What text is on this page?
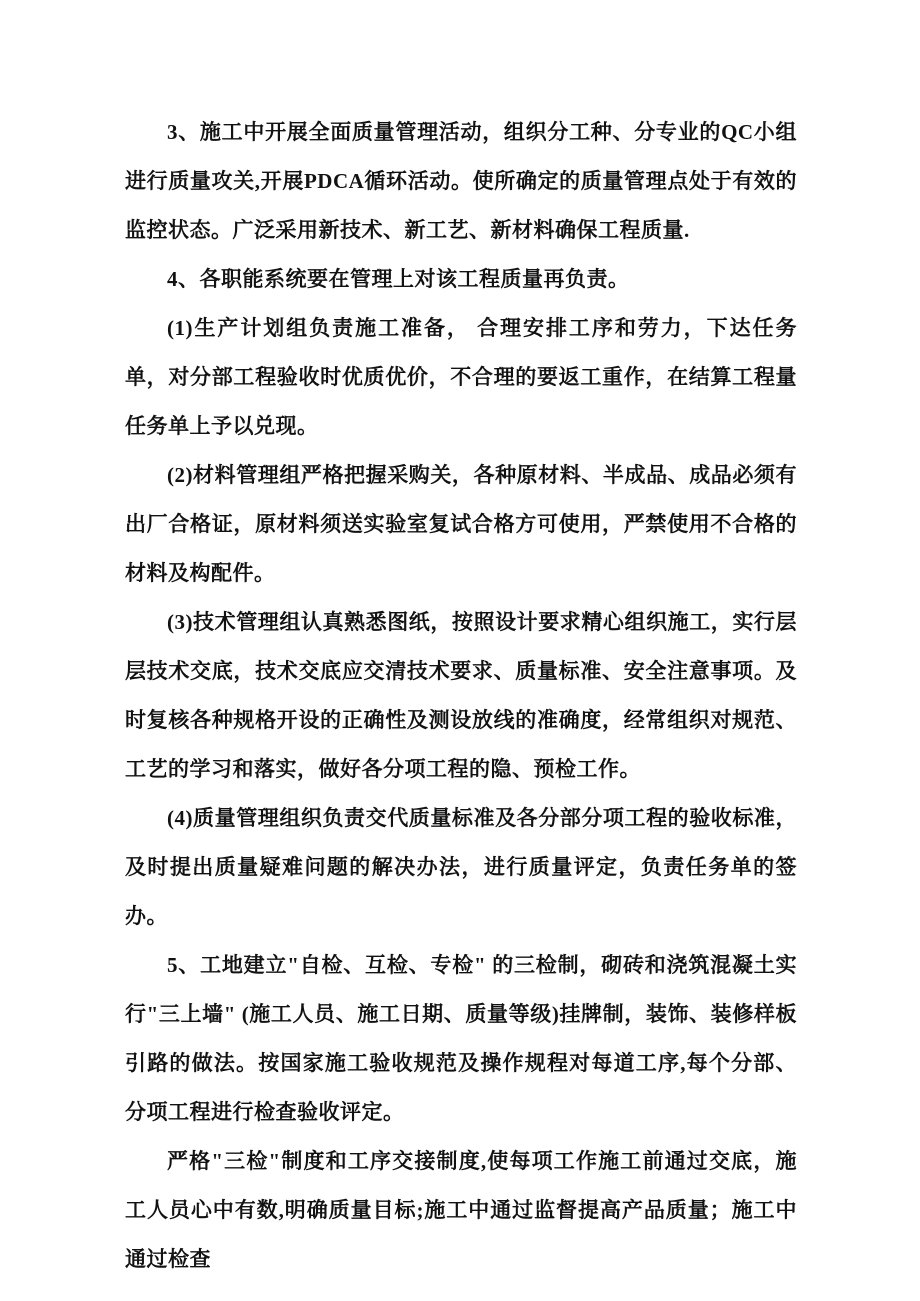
3、施工中开展全面质量管理活动，组织分工种、分专业的QC小组进行质量攻关,开展PDCA循环活动。使所确定的质量管理点处于有效的监控状态。广泛采用新技术、新工艺、新材料确保工程质量.

4、各职能系统要在管理上对该工程质量再负责。

(1)生产计划组负责施工准备， 合理安排工序和劳力，下达任务单，对分部工程验收时优质优价，不合理的要返工重作，在结算工程量任务单上予以兑现。

(2)材料管理组严格把握采购关，各种原材料、半成品、成品必须有出厂合格证，原材料须送实验室复试合格方可使用，严禁使用不合格的材料及构配件。

(3)技术管理组认真熟悉图纸，按照设计要求精心组织施工，实行层层技术交底，技术交底应交清技术要求、质量标准、安全注意事项。及时复核各种规格开设的正确性及测设放线的准确度，经常组织对规范、工艺的学习和落实，做好各分项工程的隐、预检工作。

(4)质量管理组织负责交代质量标准及各分部分项工程的验收标准，及时提出质量疑难问题的解决办法，进行质量评定，负责任务单的签办。

5、工地建立"自检、互检、专检" 的三检制，砌砖和浇筑混凝土实行"三上墙" (施工人员、施工日期、质量等级)挂牌制，装饰、装修样板引路的做法。按国家施工验收规范及操作规程对每道工序,每个分部、分项工程进行检查验收评定。

严格"三检"制度和工序交接制度,使每项工作施工前通过交底，施工人员心中有数,明确质量目标;施工中通过监督提高产品质量；施工中通过检查
